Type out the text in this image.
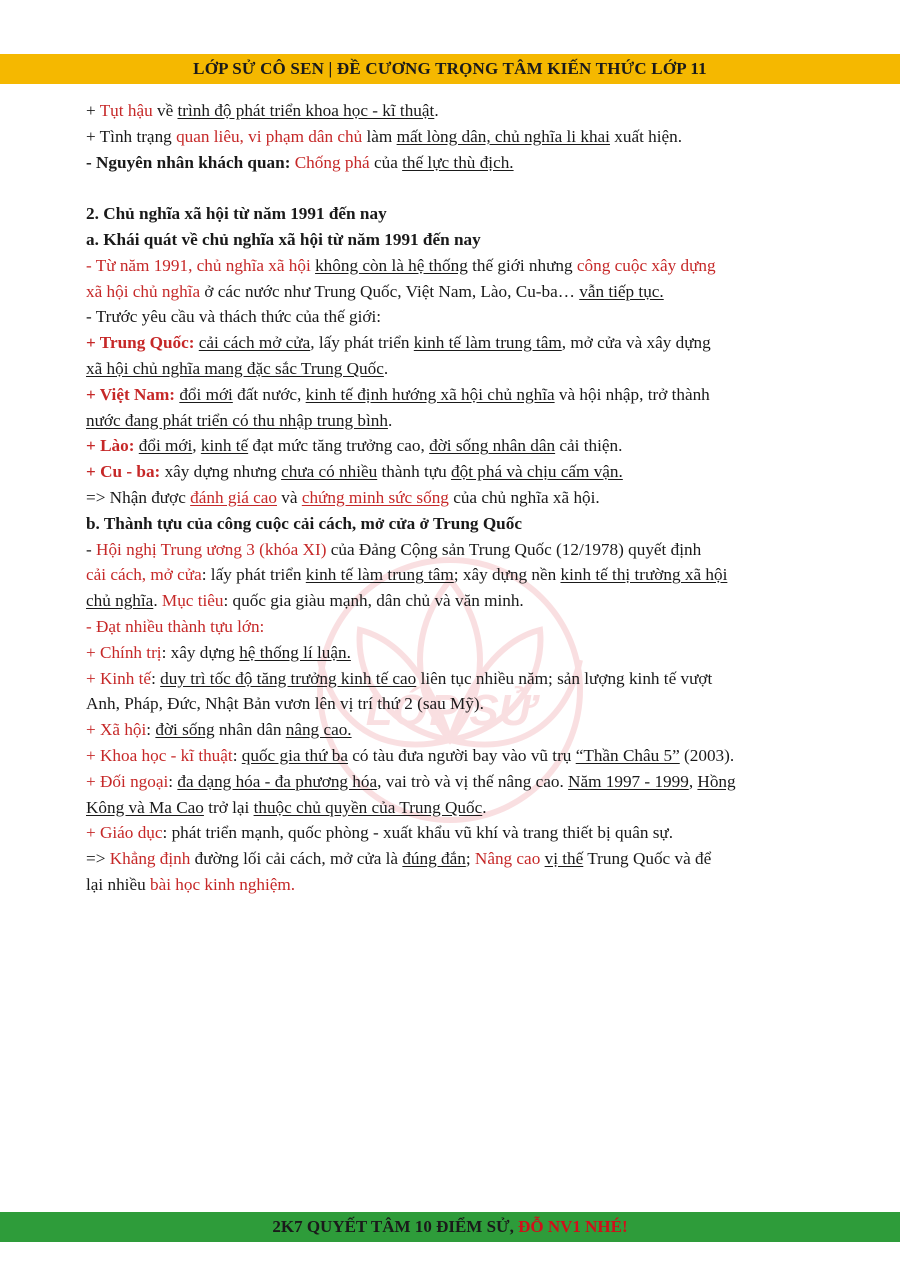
LỚP SỬ CÔ SEN | ĐỀ CƯƠNG TRỌNG TÂM KIẾN THỨC LỚP 11
LỚP SỬ
+ Tụt hậu về trình độ phát triển khoa học - kĩ thuật.
+ Tình trạng quan liêu, vi phạm dân chủ làm mất lòng dân, chủ nghĩa li khai xuất hiện.
- Nguyên nhân khách quan: Chống phá của thế lực thù địch.
2. Chủ nghĩa xã hội từ năm 1991 đến nay
a. Khái quát về chủ nghĩa xã hội từ năm 1991 đến nay
- Từ năm 1991, chủ nghĩa xã hội không còn là hệ thống thế giới nhưng công cuộc xây dựng
xã hội chủ nghĩa ở các nước như Trung Quốc, Việt Nam, Lào, Cu-ba… vẫn tiếp tục.
- Trước yêu cầu và thách thức của thế giới:
+ Trung Quốc: cải cách mở cửa, lấy phát triển kinh tế làm trung tâm, mở cửa và xây dựng
xã hội chủ nghĩa mang đặc sắc Trung Quốc.
+ Việt Nam: đổi mới đất nước, kinh tế định hướng xã hội chủ nghĩa và hội nhập, trở thành
nước đang phát triển có thu nhập trung bình.
+ Lào: đổi mới, kinh tế đạt mức tăng trưởng cao, đời sống nhân dân cải thiện.
+ Cu - ba: xây dựng nhưng chưa có nhiều thành tựu đột phá và chịu cấm vận.
=> Nhận được đánh giá cao và chứng minh sức sống của chủ nghĩa xã hội.
b. Thành tựu của công cuộc cải cách, mở cửa ở Trung Quốc
- Hội nghị Trung ương 3 (khóa XI) của Đảng Cộng sản Trung Quốc (12/1978) quyết định
cải cách, mở cửa: lấy phát triển kinh tế làm trung tâm; xây dựng nền kinh tế thị trường xã hội
chủ nghĩa. Mục tiêu: quốc gia giàu mạnh, dân chủ và văn minh.
- Đạt nhiều thành tựu lớn:
+ Chính trị: xây dựng hệ thống lí luận.
+ Kinh tế: duy trì tốc độ tăng trưởng kinh tế cao liên tục nhiều năm; sản lượng kinh tế vượt
Anh, Pháp, Đức, Nhật Bản vươn lên vị trí thứ 2 (sau Mỹ).
+ Xã hội: đời sống nhân dân nâng cao.
+ Khoa học - kĩ thuật: quốc gia thứ ba có tàu đưa người bay vào vũ trụ “Thần Châu 5” (2003).
+ Đối ngoại: đa dạng hóa - đa phương hóa, vai trò và vị thế nâng cao. Năm 1997 - 1999, Hồng
Kông và Ma Cao trở lại thuộc chủ quyền của Trung Quốc.
+ Giáo dục: phát triển mạnh, quốc phòng - xuất khẩu vũ khí và trang thiết bị quân sự.
=> Khẳng định đường lối cải cách, mở cửa là đúng đắn; Nâng cao vị thế Trung Quốc và để
lại nhiều bài học kinh nghiệm.
2K7 QUYẾT TÂM 10 ĐIỂM SỬ, ĐỖ NV1 NHÉ!
